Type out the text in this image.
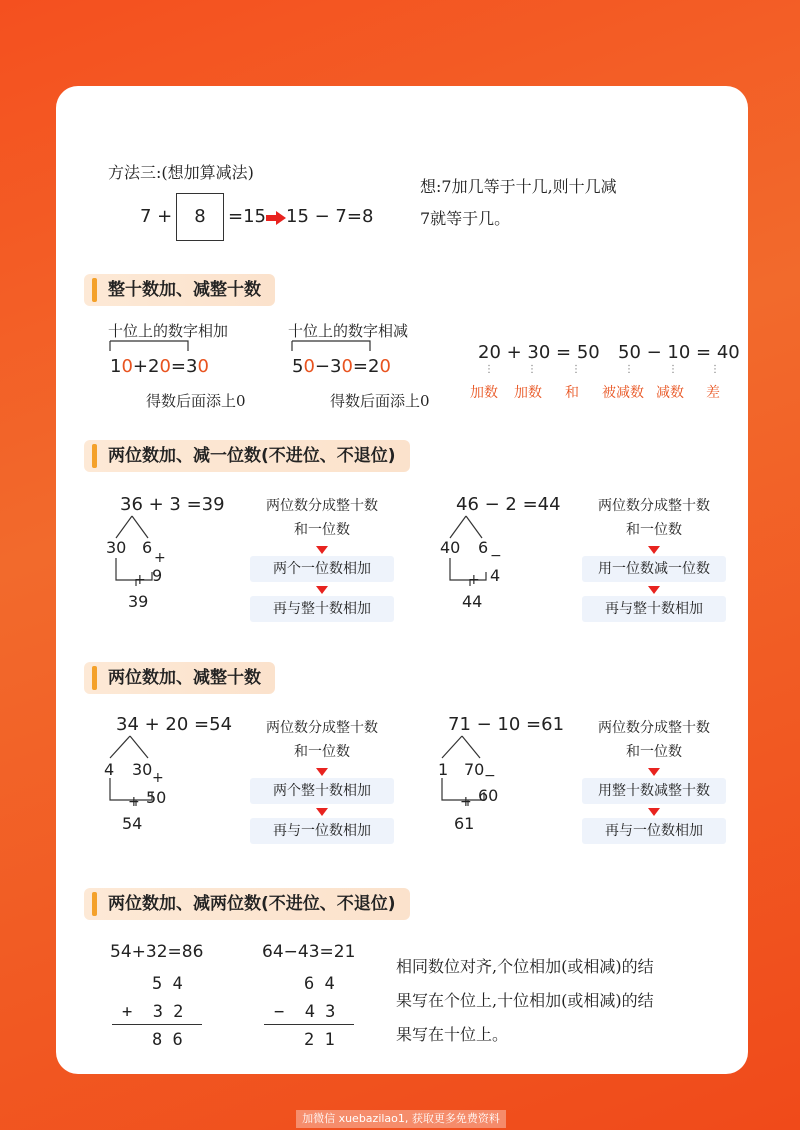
方法三:(想加算减法)
7 +	8	=15 15 − 7=8
想:7加几等于十几,则十几减
7就等于几。
整十数加、减整十数
十位上的数字相加
10+20=30
得数后面添上0
十位上的数字相减
50−30=20
得数后面添上0
20 + 30 = 50 50 − 10 = 40
⋮	⋮	⋮	⋮	⋮	⋮
加数 加数 和 被减数 减数 差
两位数加、减一位数(不进位、不退位)
36 + 3 =39
30 6
+
9
+
39
两位数分成整十数
和一位数
两个一位数相加
再与整十数相加
46 − 2 =44
40 6 −
4
+
44
两位数分成整十数
和一位数
用一位数减一位数
再与整十数相加
两位数加、减整十数
34 + 20 =54
4 30 +
50
+
54
两位数分成整十数
和一位数
两个整十数相加
再与一位数相加
71 − 10 =61
1 70 −
60
+
61
两位数分成整十数
和一位数
用整十数减整十数
再与一位数相加
两位数加、减两位数(不进位、不退位)
54+32=86
5 4
+  3 2
8 6
64−43=21
6 4
−  4 3
2 1
相同数位对齐,个位相加(或相减)的结
果写在个位上,十位相加(或相减)的结
果写在十位上。
加微信 xuebazilao1, 获取更多免费资料
